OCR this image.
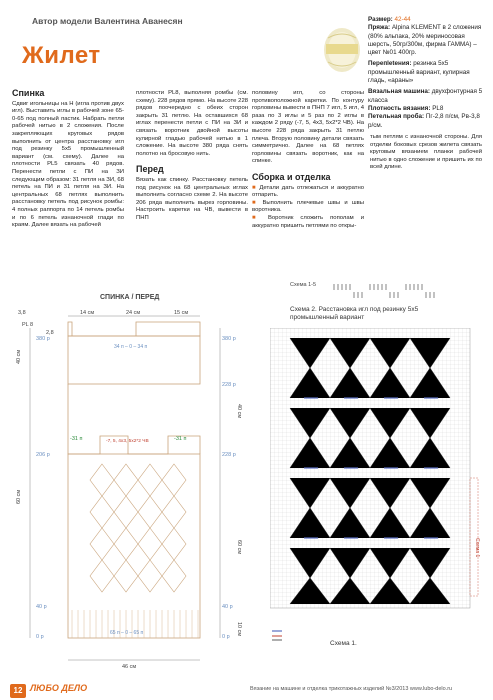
Автор модели Валентина Аванесян
Жилет
Размер: 42-44
Пряжа: Alpina KLEMENT в 2 сложения (80% альпака, 20% мериносовая шерсть, 50гр/300м, фирма ГАММА) – цвет №01 400гр.
Перепletения: резинка 5х5 промышленный вариант, кулирная гладь, «араны»
Вязальная машина: двухфонтурная 5 класса
Плотность вязания: PL8
Петельная проба: Пг-2,8 п/см, Рв-3,8 р/см.
Спинка
Сдвиг игольницы на Н (игла против двух игл). Выставить иглы в рабочей зоне 65-0-65 под полный пастик. Набрать петли рабочей нитью в 2 сложения. После закрепляющих круговых рядов выполнить от центра расстановку игл под резинку 5х5 промышленный вариант (см. схему). Далее на плотности PL5 связать 40 рядов. Перенести петли с ПИ на ЗИ следующим образом: 31 петля на ЗИ, 68 петель на ПИ и 31 петля на ЗИ. На центральных 68 петлях выполнить расстановку петель под рисунок ромбы: 4 полных раппорта по 14 петель ромбы и по 6 петель изнаночной глади по краям. Далее вязать на рабочей
плотности PL8, выполняя ромбы (см. схему). 228 рядов прямо. На высоте 228 рядов поочередно с обеих сторон закрыть 31 петлю. На оставшихся 68 иглах перенести петли с ПИ на ЗИ и связать воротник двойной высоты кулирной гладью рабочей нитью в 1 сложение. На высоте 380 ряда снять полотно на бросовую нить.
Перед
Вязать как спинку. Расстановку петель под рисунок на 68 центральных иглах выполнить согласно схеме 2. На высоте 206 ряда выполнить вырез горловины. Настроить каретки на ЧВ, вывести в ПНП
половину игл, со стороны противоположной каретки. По контуру горловины вывести в ПНП 7 игл, 5 игл, 4 раза по 3 иглы и 5 раз по 2 иглы в каждом 2 ряду (-7, 5, 4х3, 5х2*2 ЧВ). На высоте 228 ряда закрыть 31 петлю плеча. Вторую половину детали связать симметрично. Далее на 68 петлях горловины связать воротник, как на спинке.
Сборка и отделка
■ Детали дать отлежаться и аккуратно отпарить.
■ Выполнить плечевые швы и швы воротника.
■ Воротник сложить пополам и аккуратно пришить петлями по откры-
тым петлям с изнаночной стороны. Для отделки боковых срезов жилета связать круговым вязанием планки рабочей нитью в одно сложение и пришить их по всей длине.
СПИНКА / ПЕРЕД
3,8
PL 8
2,8
14 см	24 см	15 см
34 п – 0 – 34 п
380 р
380 р
228 р
206 р	228 р
40 р	40 р
0 р	0 р
-31 п	-31 п
-7, 5, 4х3, 5х2*2 ЧВ
65 п – 0 – 65 п
46 см
60 см
40 см
40 см
60 см
10 см
Схема 1-5
Схема 2. Расстановка игл под резинку 5х5 промышленный вариант
Схема 1
Схема 1.
12 ЛЮБО ДЕЛО	Вязание на машине и отделка трикотажных изделий №3/2013 www.lubo-delo.ru
